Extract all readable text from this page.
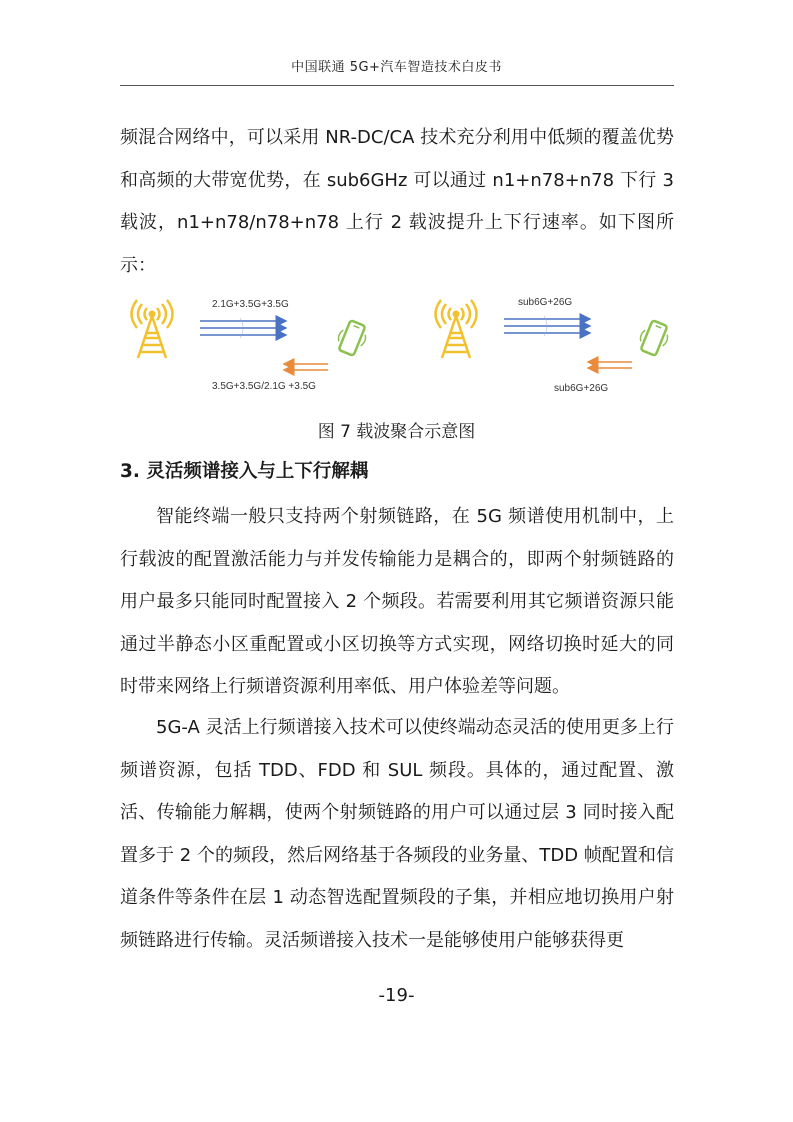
中国联通 5G+汽车智造技术白皮书

频混合网络中，可以采用 NR-DC/CA 技术充分利用中低频的覆盖优势和高频的大带宽优势，在 sub6GHz 可以通过 n1+n78+n78 下行 3 载波，n1+n78/n78+n78 上行 2 载波提升上下行速率。如下图所示：

2.1G+3.5G+3.5G
3.5G+3.5G/2.1G +3.5G
sub6G+26G
sub6G+26G
图 7 载波聚合示意图
3. 灵活频谱接入与上下行解耦

智能终端一般只支持两个射频链路，在 5G 频谱使用机制中，上行载波的配置激活能力与并发传输能力是耦合的，即两个射频链路的用户最多只能同时配置接入 2 个频段。若需要利用其它频谱资源只能通过半静态小区重配置或小区切换等方式实现，网络切换时延大的同时带来网络上行频谱资源利用率低、用户体验差等问题。

5G-A 灵活上行频谱接入技术可以使终端动态灵活的使用更多上行频谱资源，包括 TDD、FDD 和 SUL 频段。具体的，通过配置、激活、传输能力解耦，使两个射频链路的用户可以通过层 3 同时接入配置多于 2 个的频段，然后网络基于各频段的业务量、TDD 帧配置和信道条件等条件在层 1 动态智选配置频段的子集，并相应地切换用户射频链路进行传输。灵活频谱接入技术一是能够使用户能够获得更

-19-
